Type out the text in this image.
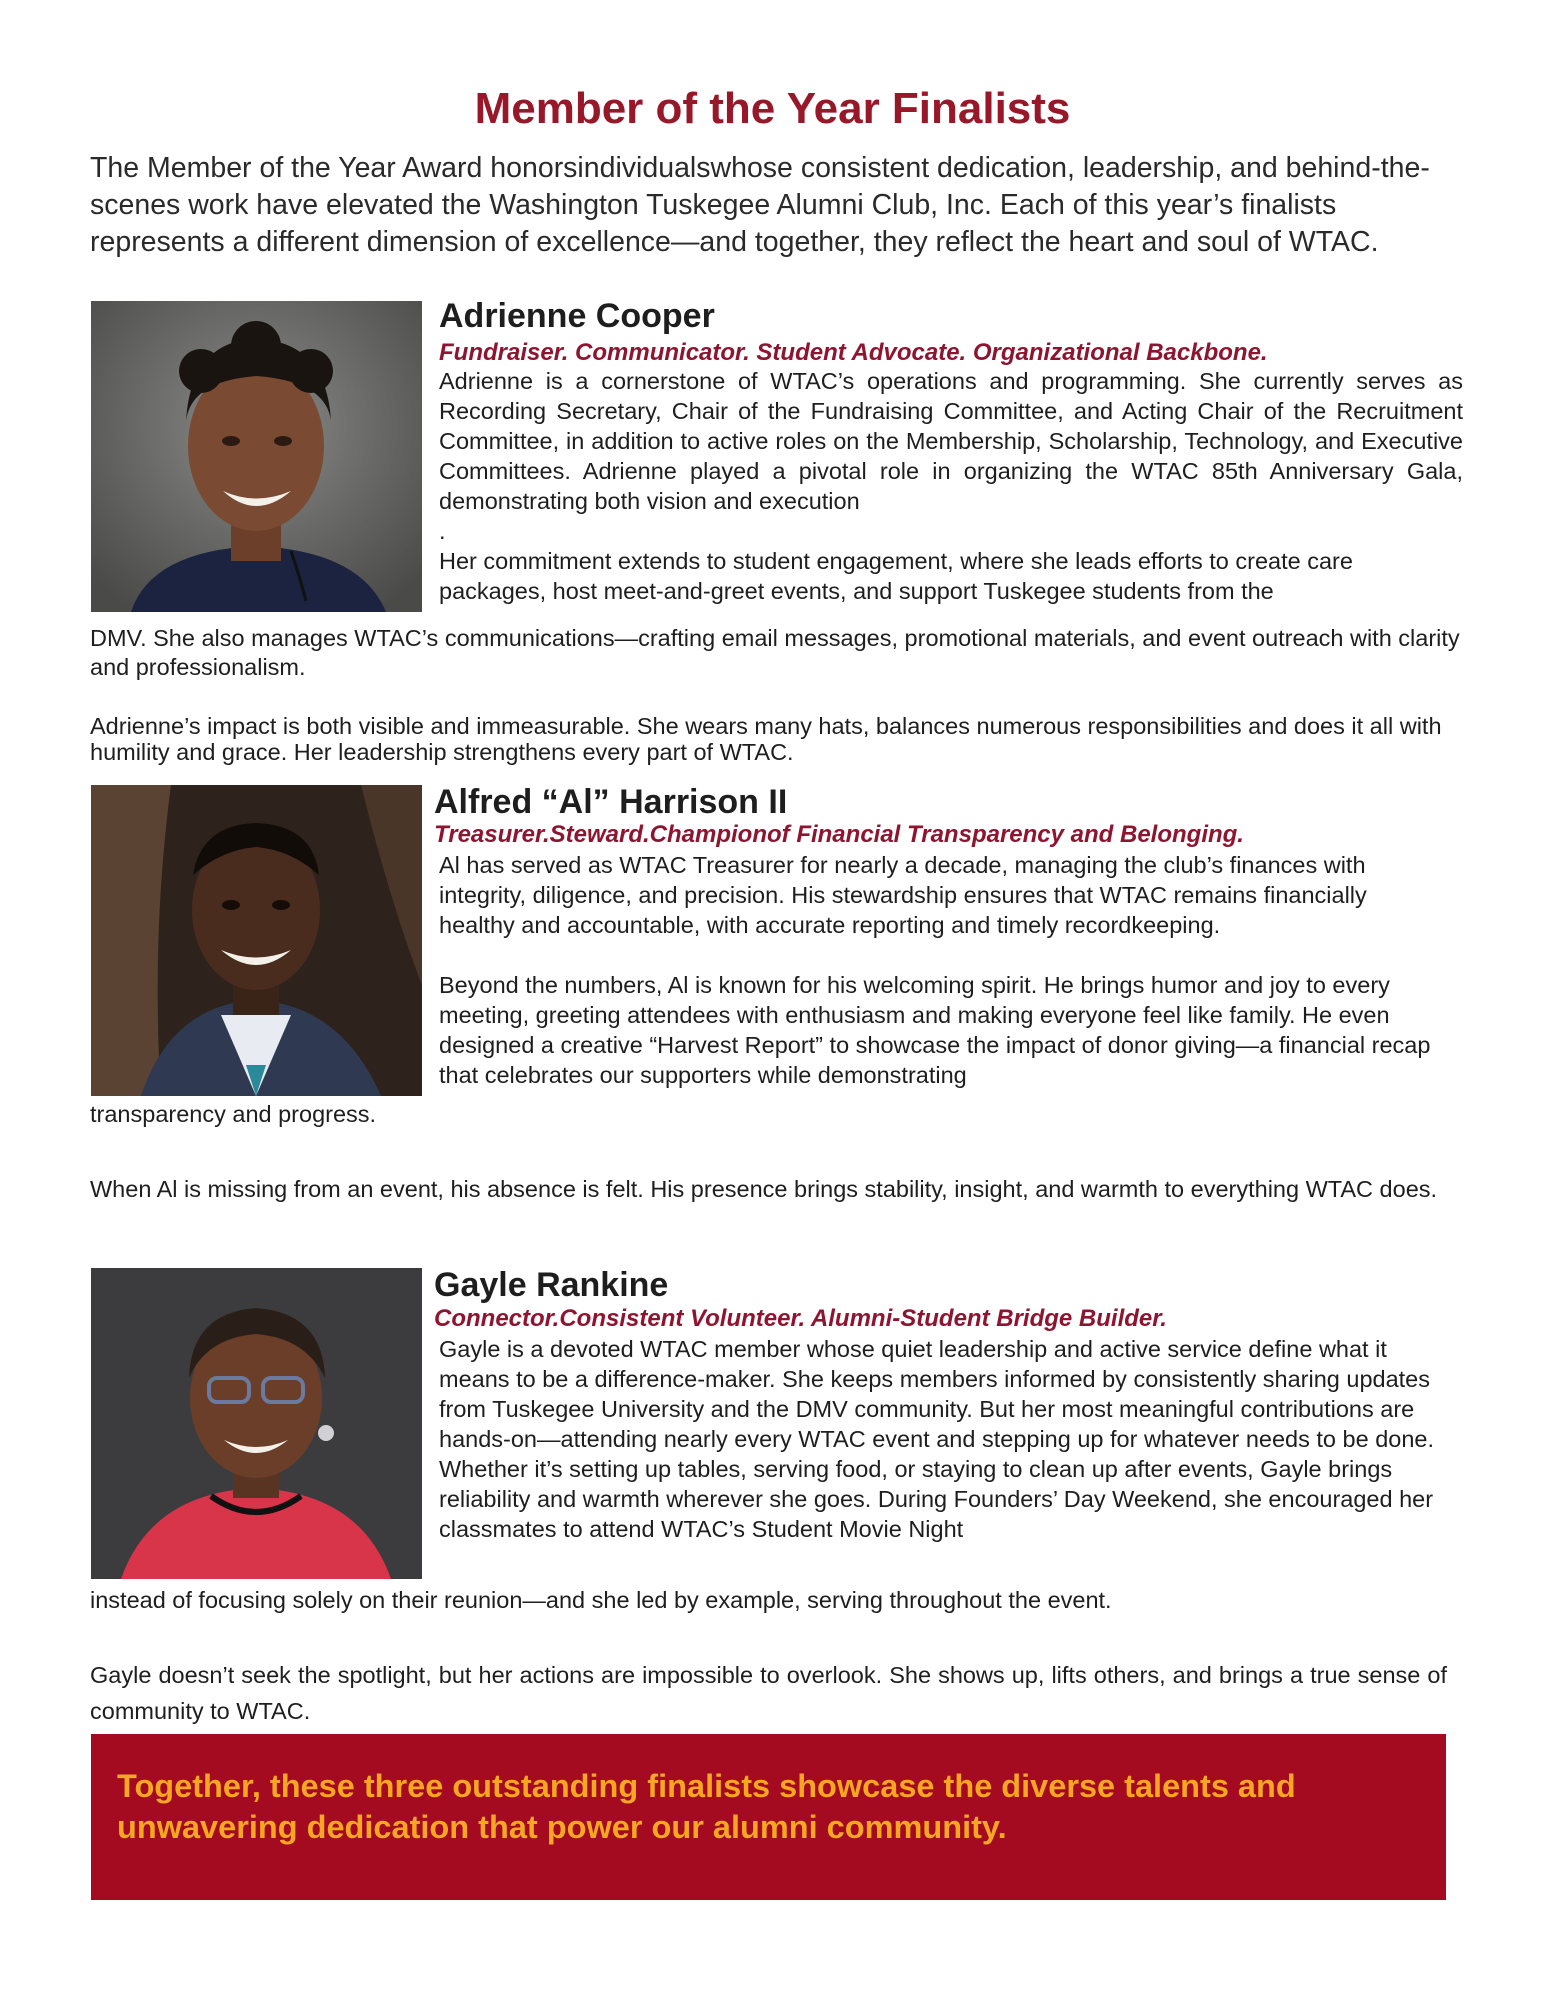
Member of the Year Finalists

The Member of the Year Award honorsindividualswhose consistent dedication, leadership, and behind-the-scenes work have elevated the Washington Tuskegee Alumni Club, Inc. Each of this year’s finalists represents a different dimension of excellence—and together, they reflect the heart and soul of WTAC.

Adrienne Cooper

Fundraiser. Communicator. Student Advocate. Organizational Backbone.

Adrienne is a cornerstone of WTAC’s operations and programming. She currently serves as Recording Secretary, Chair of the Fundraising Committee, and Acting Chair of the Recruitment Committee, in addition to active roles on the Membership, Scholarship, Technology, and Executive Committees. Adrienne played a pivotal role in organizing the WTAC 85th Anniversary Gala, demonstrating both vision and execution

.

Her commitment extends to student engagement, where she leads efforts to create care packages, host meet-and-greet events, and support Tuskegee students from the

DMV. She also manages WTAC’s communications—crafting email messages, promotional materials, and event outreach with clarity and professionalism.

Adrienne’s impact is both visible and immeasurable. She wears many hats, balances numerous responsibilities and does it all with humility and grace. Her leadership strengthens every part of WTAC.

Alfred “Al” Harrison II

Treasurer.Steward.Championof Financial Transparency and Belonging.

Al has served as WTAC Treasurer for nearly a decade, managing the club’s finances with integrity, diligence, and precision. His stewardship ensures that WTAC remains financially healthy and accountable, with accurate reporting and timely recordkeeping.

Beyond the numbers, Al is known for his welcoming spirit. He brings humor and joy to every meeting, greeting attendees with enthusiasm and making everyone feel like family. He even designed a creative “Harvest Report” to showcase the impact of donor giving—a financial recap that celebrates our supporters while demonstrating

transparency and progress.

When Al is missing from an event, his absence is felt. His presence brings stability, insight, and warmth to everything WTAC does.

Gayle Rankine

Connector.Consistent Volunteer. Alumni-Student Bridge Builder.

Gayle is a devoted WTAC member whose quiet leadership and active service define what it means to be a difference-maker. She keeps members informed by consistently sharing updates from Tuskegee University and the DMV community. But her most meaningful contributions are hands-on—attending nearly every WTAC event and stepping up for whatever needs to be done.

Whether it’s setting up tables, serving food, or staying to clean up after events, Gayle brings reliability and warmth wherever she goes. During Founders’ Day Weekend, she encouraged her classmates to attend WTAC’s Student Movie Night

instead of focusing solely on their reunion—and she led by example, serving throughout the event.

Gayle doesn’t seek the spotlight, but her actions are impossible to overlook. She shows up, lifts others, and brings a true sense of community to WTAC.

Together, these three outstanding finalists showcase the diverse talents and unwavering dedication that power our alumni community.
